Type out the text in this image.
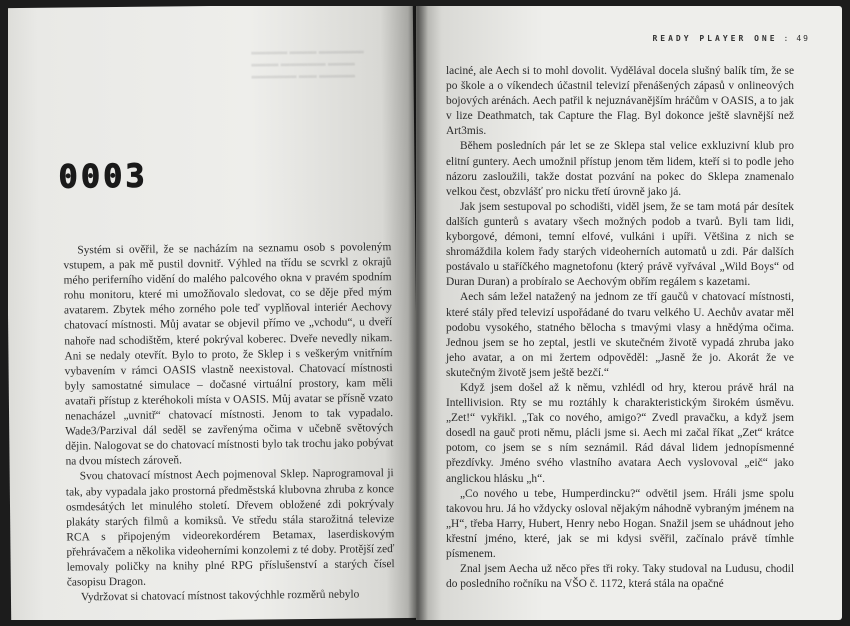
▬▬▬▬ ▬▬▬ ▬▬▬▬▬
▬▬▬ ▬▬▬▬▬ ▬▬▬
▬▬▬▬▬ ▬▬ ▬▬▬▬
0003

Systém si ověřil, že se nacházím na seznamu osob s povoleným vstupem, a pak mě pustil dovnitř. Výhled na třídu se scvrkl z okrajů mého periferního vidění do malého palcového okna v pravém spodním rohu monitoru, které mi umožňovalo sledovat, co se děje před mým avatarem. Zbytek mého zorného pole teď vyplňoval interiér Aechovy chatovací místnosti. Můj avatar se objevil přímo ve „vchodu“, u dveří nahoře nad schodištěm, které pokrýval koberec. Dveře nevedly nikam. Ani se nedaly otevřít. Bylo to proto, že Sklep i s veškerým vnitřním vybavením v rámci OASIS vlastně neexistoval. Chatovací místnosti byly samostatné simulace – dočasné virtuální prostory, kam měli avataři přístup z kteréhokoli místa v OASIS. Můj avatar se přísně vzato nenacházel „uvnitř“ chatovací místnosti. Jenom to tak vypadalo. Wade3/Parzival dál seděl se zavřenýma očima v učebně světových dějin. Nalogovat se do chatovací místnosti bylo tak trochu jako pobývat na dvou místech zároveň.

Svou chatovací místnost Aech pojmenoval Sklep. Naprogramoval ji tak, aby vypadala jako prostorná předměstská klubovna zhruba z konce osmdesátých let minulého století. Dřevem obložené zdi pokrývaly plakáty starých filmů a komiksů. Ve středu stála starožitná televize RCA s připojeným videorekordérem Betamax, laserdiskovým přehrávačem a několika videoherními konzolemi z té doby. Protější zeď lemovaly poličky na knihy plné RPG příslušenství a starých čísel časopisu Dragon.

Vydržovat si chatovací místnost takovýchhle rozměrů nebylo

READY PLAYER ONE : 49

laciné, ale Aech si to mohl dovolit. Vydělával docela slušný balík tím, že se po škole a o víkendech účastnil televizí přenášených zápasů v onlineových bojových arénách. Aech patřil k nejuznávanějším hráčům v OASIS, a to jak v lize Deathmatch, tak Capture the Flag. Byl dokonce ještě slavnější než Art3mis.

Během posledních pár let se ze Sklepa stal velice exkluzivní klub pro elitní guntery. Aech umožnil přístup jenom těm lidem, kteří si to podle jeho názoru zasloužili, takže dostat pozvání na pokec do Sklepa znamenalo velkou čest, obzvlášť pro nicku třetí úrovně jako já.

Jak jsem sestupoval po schodišti, viděl jsem, že se tam motá pár desítek dalších gunterů s avatary všech možných podob a tvarů. Byli tam lidi, kyborgové, démoni, temní elfové, vulkáni i upíři. Většina z nich se shromáždila kolem řady starých videoherních automatů u zdi. Pár dalších postávalo u staříčkého magnetofonu (který právě vyřvával „Wild Boys“ od Duran Duran) a probíralo se Aechovým obřím regálem s kazetami.

Aech sám ležel natažený na jednom ze tří gaučů v chatovací místnosti, které stály před televizí uspořádané do tvaru velkého U. Aechův avatar měl podobu vysokého, statného bělocha s tmavými vlasy a hnědýma očima. Jednou jsem se ho zeptal, jestli ve skutečném životě vypadá zhruba jako jeho avatar, a on mi žertem odpověděl: „Jasně že jo. Akorát že ve skutečným životě jsem ještě bezčí.“

Když jsem došel až k němu, vzhlédl od hry, kterou právě hrál na Intellivision. Rty se mu roztáhly k charakteristickým širokém úsměvu. „Zet!“ vykřikl. „Tak co nového, amigo?“ Zvedl pravačku, a když jsem dosedl na gauč proti němu, plácli jsme si. Aech mi začal říkat „Zet“ krátce potom, co jsem se s ním seznámil. Rád dával lidem jednopísmenné přezdívky. Jméno svého vlastního avatara Aech vyslovoval „eič“ jako anglickou hlásku „h“.

„Co nového u tebe, Humperdincku?“ odvětil jsem. Hráli jsme spolu takovou hru. Já ho vždycky osloval nějakým náhodně vybraným jménem na „H“, třeba Harry, Hubert, Henry nebo Hogan. Snažil jsem se uhádnout jeho křestní jméno, které, jak se mi kdysi svěřil, začínalo právě tímhle písmenem.

Znal jsem Aecha už něco přes tři roky. Taky studoval na Ludusu, chodil do posledního ročníku na VŠO č. 1172, která stála na opačné
